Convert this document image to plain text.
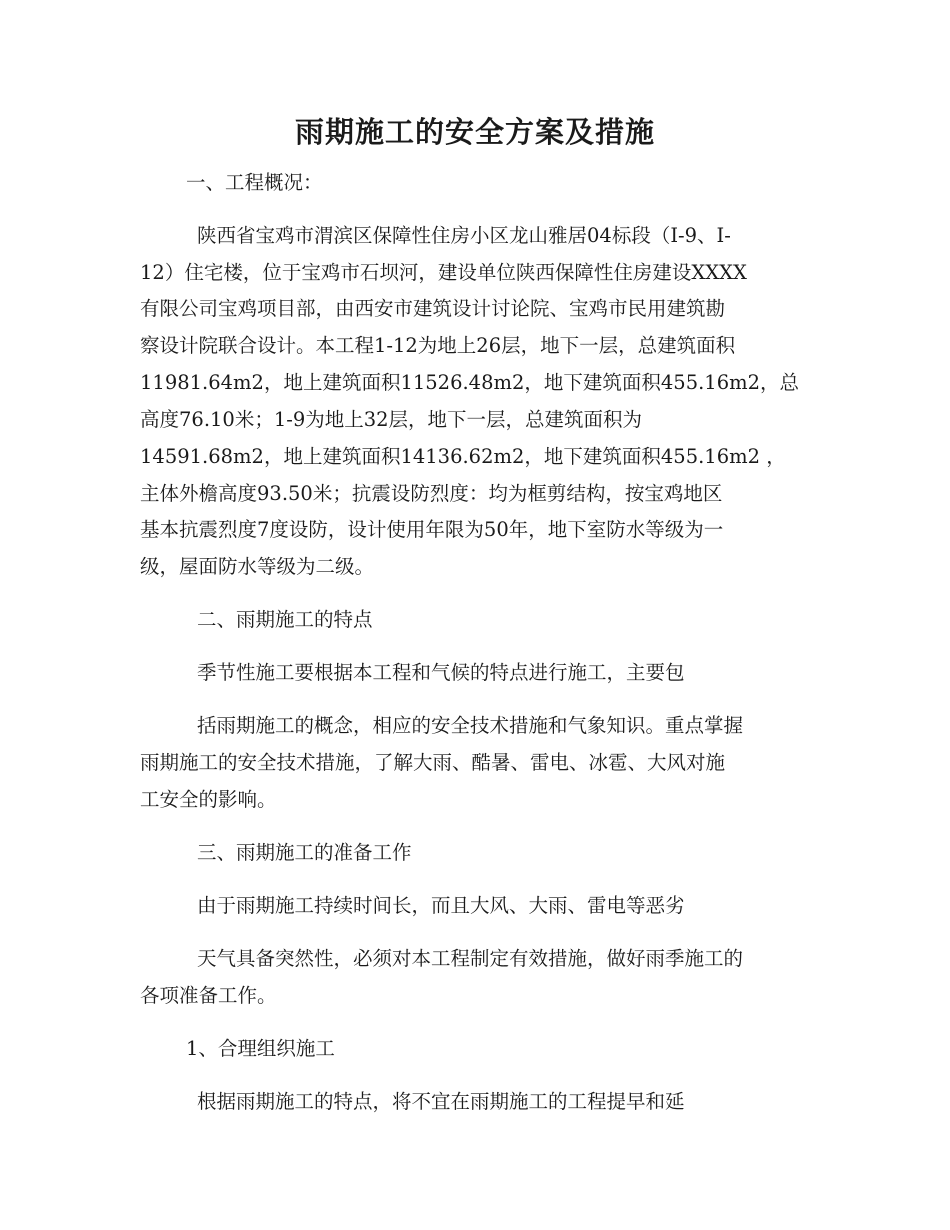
雨期施工的安全方案及措施
一、工程概况：
陕西省宝鸡市渭滨区保障性住房小区龙山雅居04标段（I-9、I-
12）住宅楼，位于宝鸡市石坝河，建设单位陕西保障性住房建设XXXX
有限公司宝鸡项目部，由西安市建筑设计讨论院、宝鸡市民用建筑勘
察设计院联合设计。本工程1-12为地上26层，地下一层，总建筑面积
11981.64m2，地上建筑面积11526.48m2，地下建筑面积455.16m2，总
高度76.10米；1-9为地上32层，地下一层，总建筑面积为
14591.68m2，地上建筑面积14136.62m2，地下建筑面积455.16m2 ，
主体外檐高度93.50米；抗震设防烈度：均为框剪结构，按宝鸡地区
基本抗震烈度7度设防，设计使用年限为50年，地下室防水等级为一
级，屋面防水等级为二级。
二、雨期施工的特点
季节性施工要根据本工程和气候的特点进行施工，主要包
括雨期施工的概念，相应的安全技术措施和气象知识。重点掌握
雨期施工的安全技术措施，了解大雨、酷暑、雷电、冰雹、大风对施
工安全的影响。
三、雨期施工的准备工作
由于雨期施工持续时间长，而且大风、大雨、雷电等恶劣
天气具备突然性，必须对本工程制定有效措施，做好雨季施工的
各项准备工作。
1、合理组织施工
根据雨期施工的特点，将不宜在雨期施工的工程提早和延
